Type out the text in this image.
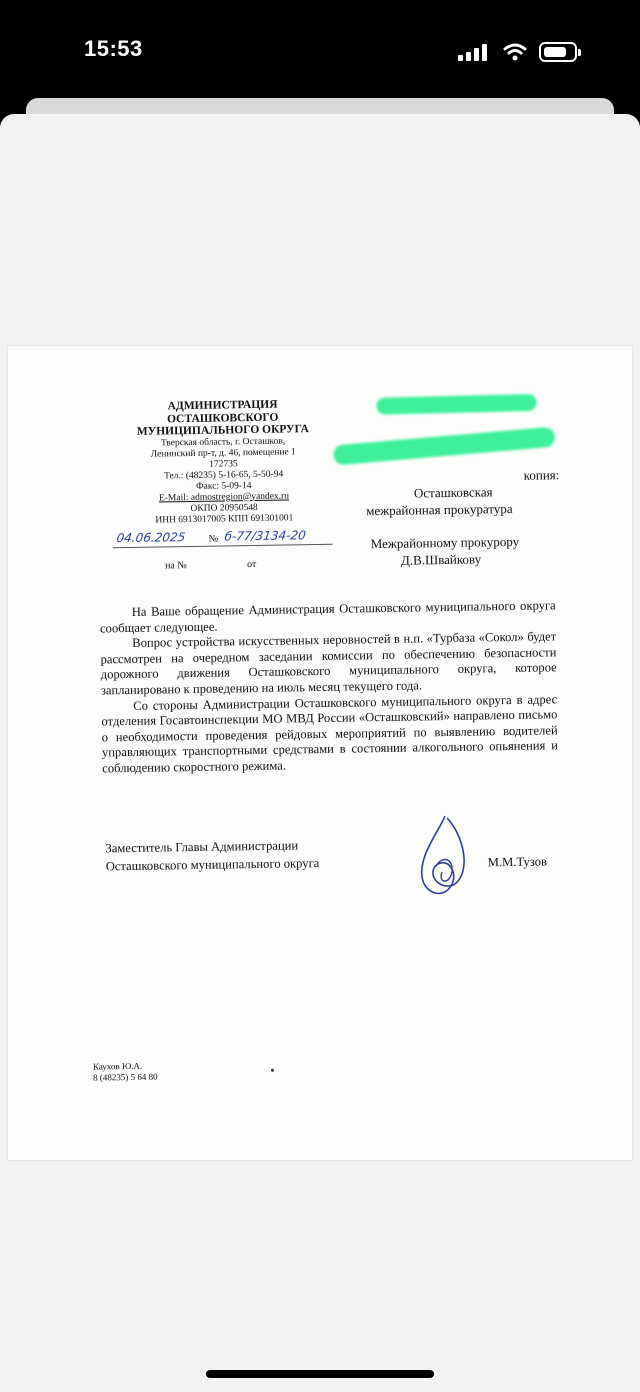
15:53
АДМИНИСТРАЦИЯ
ОСТАШКОВСКОГО
МУНИЦИПАЛЬНОГО ОКРУГА
Тверская область, г. Осташков,
Ленинский пр-т, д. 46, помещение 1
172735
Тел.: (48235) 5-16-65, 5-50-94
Факс: 5-09-14
E-Mail: admostregion@yandex.ru
ОКПО 20950548
ИНН 6913017005 КПП 691301001
04.06.2025 № б-77/3134-20
на №	от
копия:
Осташковская
межрайонная прокуратура
Межрайонному прокурору
Д.В.Швайкову

На Ваше обращение Администрация Осташковского муниципального округа сообщает следующее.

Вопрос устройства искусственных неровностей в н.п. «Турбаза «Сокол» будет рассмотрен на очередном заседании комиссии по обеспечению безопасности дорожного движения Осташковского муниципального округа, которое запланировано к проведению на июль месяц текущего года.

Со стороны Администрации Осташковского муниципального округа в адрес отделения Госавтоинспекции МО МВД России «Осташковский» направлено письмо о необходимости проведения рейдовых мероприятий по выявлению водителей управляющих транспортными средствами в состоянии алкогольного опьянения и соблюдению скоростного режима.

Заместитель Главы Администрации
Осташковского муниципального округа	М.М.Тузов
Каухов Ю.А.
8 (48235) 5 64 80
